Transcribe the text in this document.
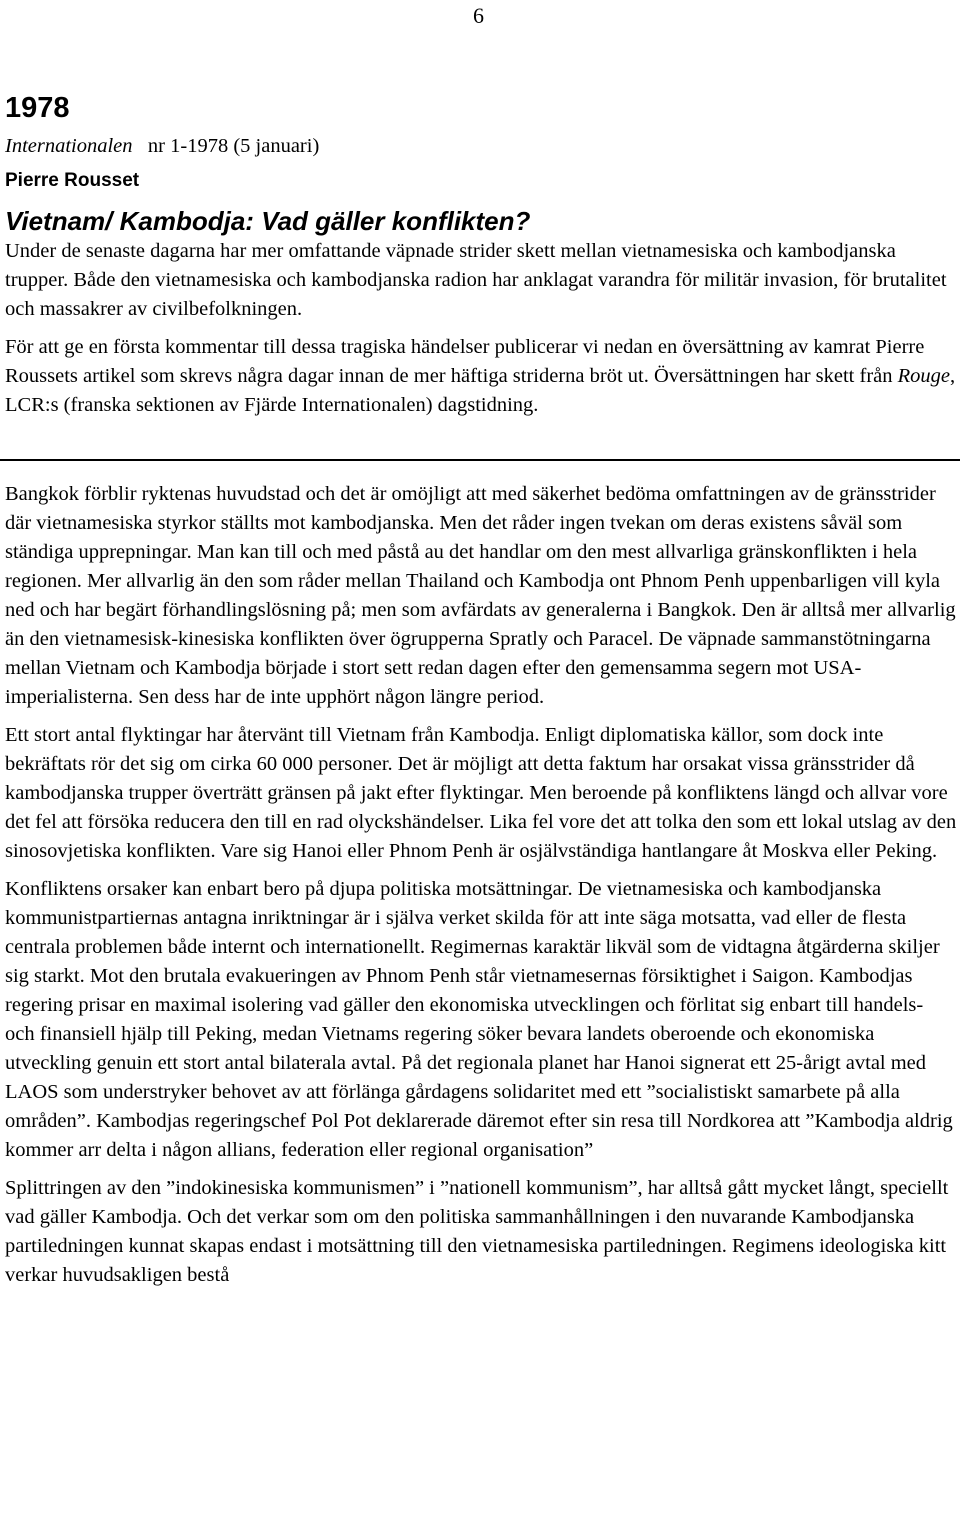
6
1978
Internationalen nr 1-1978 (5 januari)
Pierre Rousset
Vietnam/ Kambodja: Vad gäller konflikten?

Under de senaste dagarna har mer omfattande väpnade strider skett mellan vietnamesiska och kambodjanska trupper. Både den vietnamesiska och kambodjanska radion har anklagat varandra för militär invasion, för brutalitet och massakrer av civilbefolkningen.

För att ge en första kommentar till dessa tragiska händelser publicerar vi nedan en översättning av kamrat Pierre Roussets artikel som skrevs några dagar innan de mer häftiga striderna bröt ut. Översättningen har skett från Rouge, LCR:s (franska sektionen av Fjärde Internationalen) dagstidning.

Bangkok förblir ryktenas huvudstad och det är omöjligt att med säkerhet bedöma omfattningen av de gränsstrider där vietnamesiska styrkor ställts mot kambodjanska. Men det råder ingen tvekan om deras existens såväl som ständiga upprepningar. Man kan till och med påstå au det handlar om den mest allvarliga gränskonflikten i hela regionen. Mer allvarlig än den som råder mellan Thailand och Kambodja ont Phnom Penh uppenbarligen vill kyla ned och har begärt förhandlingslösning på; men som avfärdats av generalerna i Bangkok. Den är alltså mer allvarlig än den vietnamesisk-kinesiska konflikten över ögrupperna Spratly och Paracel. De väpnade sammanstötningarna mellan Vietnam och Kambodja började i stort sett redan dagen efter den gemensamma segern mot USA-imperialisterna. Sen dess har de inte upphört någon längre period.

Ett stort antal flyktingar har återvänt till Vietnam från Kambodja. Enligt diplomatiska källor, som dock inte bekräftats rör det sig om cirka 60 000 personer. Det är möjligt att detta faktum har orsakat vissa gränsstrider då kambodjanska trupper överträtt gränsen på jakt efter flyktingar. Men beroende på konfliktens längd och allvar vore det fel att försöka reducera den till en rad olyckshändelser. Lika fel vore det att tolka den som ett lokal utslag av den sinosovjetiska konflikten. Vare sig Hanoi eller Phnom Penh är osjälvständiga hantlangare åt Moskva eller Peking.

Konfliktens orsaker kan enbart bero på djupa politiska motsättningar. De vietnamesiska och kambodjanska kommunistpartiernas antagna inriktningar är i själva verket skilda för att inte säga motsatta, vad eller de flesta centrala problemen både internt och internationellt. Regimernas karaktär likväl som de vidtagna åtgärderna skiljer sig starkt. Mot den brutala evakueringen av Phnom Penh står vietnamesernas försiktighet i Saigon. Kambodjas regering prisar en maximal isolering vad gäller den ekonomiska utvecklingen och förlitat sig enbart till handels- och finansiell hjälp till Peking, medan Vietnams regering söker bevara landets oberoende och ekonomiska utveckling genuin ett stort antal bilaterala avtal. På det regionala planet har Hanoi signerat ett 25-årigt avtal med LAOS som understryker behovet av att förlänga gårdagens solidaritet med ett ”socialistiskt samarbete på alla områden”. Kambodjas regeringschef Pol Pot deklarerade däremot efter sin resa till Nordkorea att ”Kambodja aldrig kommer arr delta i någon allians, federation eller regional organisation”

Splittringen av den ”indokinesiska kommunismen” i ”nationell kommunism”, har alltså gått mycket långt, speciellt vad gäller Kambodja. Och det verkar som om den politiska sammanhållningen i den nuvarande Kambodjanska partiledningen kunnat skapas endast i motsättning till den vietnamesiska partiledningen. Regimens ideologiska kitt verkar huvudsakligen bestå
